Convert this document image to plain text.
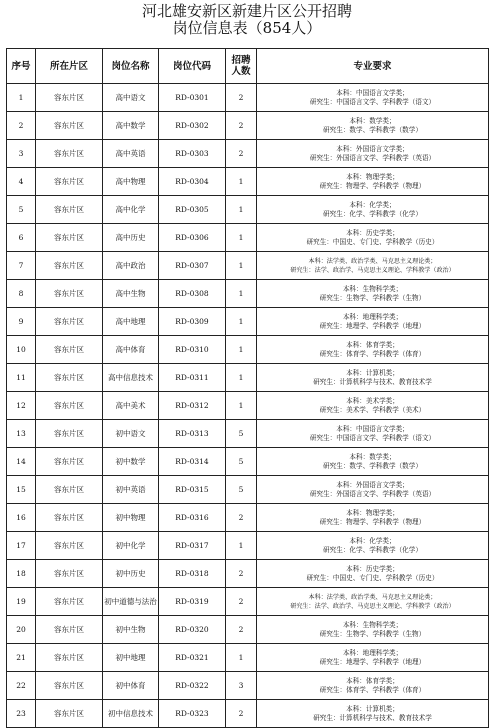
河北雄安新区新建片区公开招聘
岗位信息表（854人）
序号	所在片区	岗位名称	岗位代码	招聘人数	专业要求
1	容东片区	高中语文	RD-0301	2	本科：中国语言文学类；
研究生：中国语言文学、学科教学（语文）

2	容东片区	高中数学	RD-0302	2	本科：数学类；
研究生：数学、学科教学（数学）

3	容东片区	高中英语	RD-0303	2	本科：外国语言文学类；
研究生：外国语言文学、学科教学（英语）

4	容东片区	高中物理	RD-0304	1	本科：物理学类；
研究生：物理学、学科教学（物理）

5	容东片区	高中化学	RD-0305	1	本科：化学类；
研究生：化学、学科教学（化学）

6	容东片区	高中历史	RD-0306	1	本科：历史学类；
研究生：中国史、专门史、学科教学（历史）

7	容东片区	高中政治	RD-0307	1	本科：法学类、政治学类、马克思主义理论类；
研究生：法学、政治学、马克思主义理论、学科教学（政治）

8	容东片区	高中生物	RD-0308	1	本科：生物科学类；
研究生：生物学、学科教学（生物）

9	容东片区	高中地理	RD-0309	1	本科：地理科学类；
研究生：地理学、学科教学（地理）

10	容东片区	高中体育	RD-0310	1	本科：体育学类；
研究生：体育学、学科教学（体育）

11	容东片区	高中信息技术	RD-0311	1	本科：计算机类；
研究生：计算机科学与技术、教育技术学

12	容东片区	高中美术	RD-0312	1	本科：美术学类；
研究生：美术学、学科教学（美术）

13	容东片区	初中语文	RD-0313	5	本科：中国语言文学类；
研究生：中国语言文学、学科教学（语文）

14	容东片区	初中数学	RD-0314	5	本科：数学类；
研究生：数学、学科教学（数学）

15	容东片区	初中英语	RD-0315	5	本科：外国语言文学类；
研究生：外国语言文学、学科教学（英语）

16	容东片区	初中物理	RD-0316	2	本科：物理学类；
研究生：物理学、学科教学（物理）

17	容东片区	初中化学	RD-0317	1	本科：化学类；
研究生：化学、学科教学（化学）

18	容东片区	初中历史	RD-0318	2	本科：历史学类；
研究生：中国史、专门史、学科教学（历史）

19	容东片区	初中道德与法治	RD-0319	2	本科：法学类、政治学类、马克思主义理论类；
研究生：法学、政治学、马克思主义理论、学科教学（政治）

20	容东片区	初中生物	RD-0320	2	本科：生物科学类；
研究生：生物学、学科教学（生物）

21	容东片区	初中地理	RD-0321	1	本科：地理科学类；
研究生：地理学、学科教学（地理）

22	容东片区	初中体育	RD-0322	3	本科：体育学类；
研究生：体育学、学科教学（体育）

23	容东片区	初中信息技术	RD-0323	2	本科：计算机类；
研究生：计算机科学与技术、教育技术学
